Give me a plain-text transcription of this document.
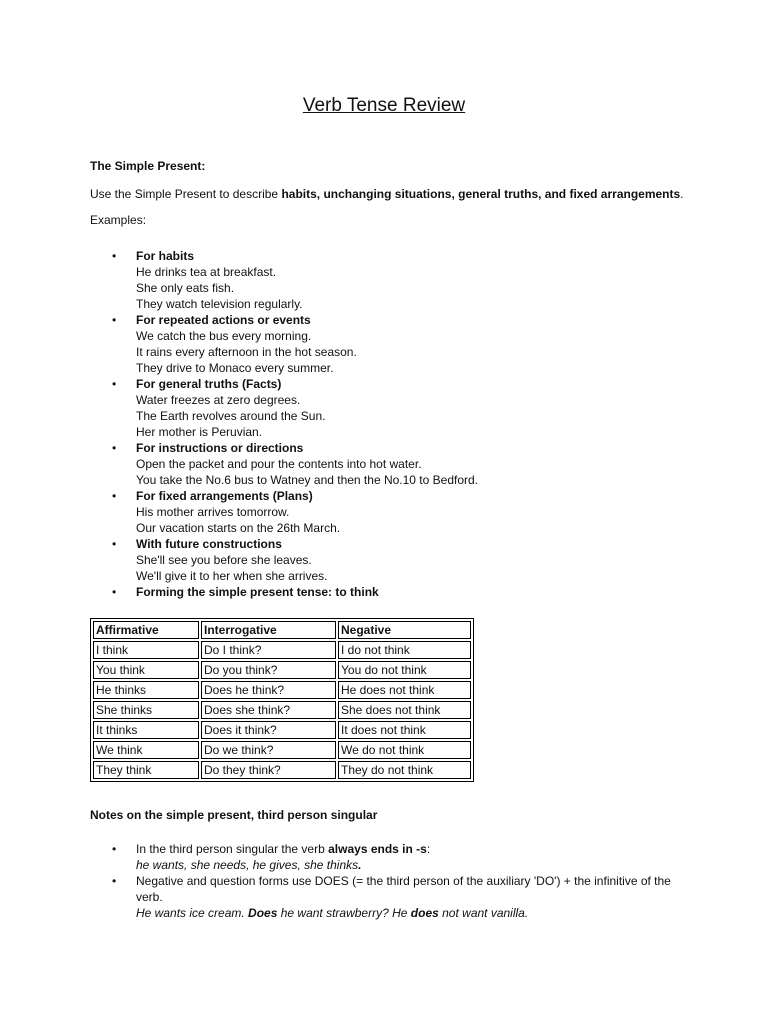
Verb Tense Review
The Simple Present:
Use the Simple Present to describe habits, unchanging situations, general truths, and fixed arrangements.
Examples:
•	For habits
He drinks tea at breakfast.
She only eats fish.
They watch television regularly.
•	For repeated actions or events
We catch the bus every morning.
It rains every afternoon in the hot season.
They drive to Monaco every summer.
•	For general truths (Facts)
Water freezes at zero degrees.
The Earth revolves around the Sun.
Her mother is Peruvian.
•	For instructions or directions
Open the packet and pour the contents into hot water.
You take the No.6 bus to Watney and then the No.10 to Bedford.
•	For fixed arrangements (Plans)
His mother arrives tomorrow.
Our vacation starts on the 26th March.
•	With future constructions
She'll see you before she leaves.
We'll give it to her when she arrives.
•	Forming the simple present tense: to think
Affirmative	Interrogative	Negative
I think	Do I think?	I do not think
You think	Do you think?	You do not think
He thinks	Does he think?	He does not think
She thinks	Does she think?	She does not think
It thinks	Does it think?	It does not think
We think	Do we think?	We do not think
They think	Do they think?	They do not think
Notes on the simple present, third person singular
•	In the third person singular the verb always ends in -s:
he wants, she needs, he gives, she thinks.
•	Negative and question forms use DOES (= the third person of the auxiliary 'DO') + the infinitive of the verb.
He wants ice cream. Does he want strawberry? He does not want vanilla.
